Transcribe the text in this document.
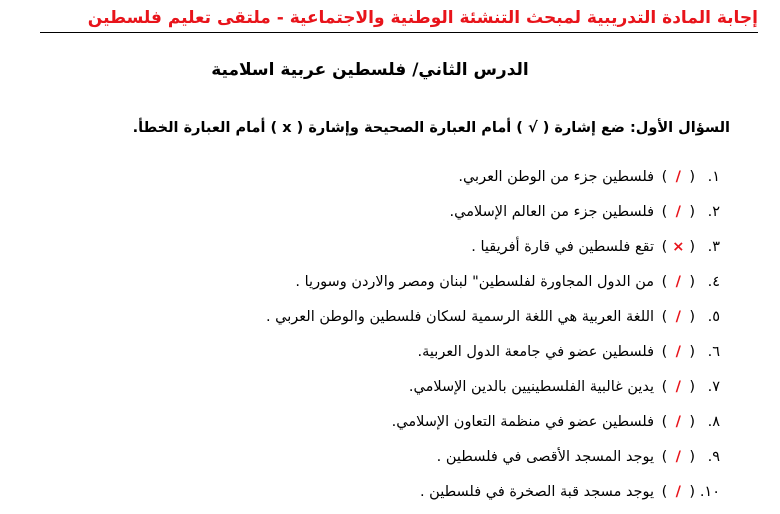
إجابة المادة التدريبية لمبحث التنشئة الوطنية والاجتماعية - ملتقى تعليم فلسطين
الدرس الثاني/ فلسطين عربية اسلامية
السؤال الأول: ضع إشارة ( √ ) أمام العبارة الصحيحة وإشارة ( x ) أمام العبارة الخطأ.
١.(/) فلسطين جزء من الوطن العربي.
٢.(/) فلسطين جزء من العالم الإسلامي.
٣.(×) تقع فلسطين في قارة أفريقيا .
٤.(/) من الدول المجاورة لفلسطين" لبنان ومصر والاردن وسوريا .
٥.(/) اللغة العربية هي اللغة الرسمية لسكان فلسطين والوطن العربي .
٦.(/) فلسطين عضو في جامعة الدول العربية.
٧.(/) يدين غالبية الفلسطينيين بالدين الإسلامي.
٨.(/) فلسطين عضو في منظمة التعاون الإسلامي.
٩.(/) يوجد المسجد الأقصى في فلسطين .
١٠.(/) يوجد مسجد قبة الصخرة في فلسطين .
